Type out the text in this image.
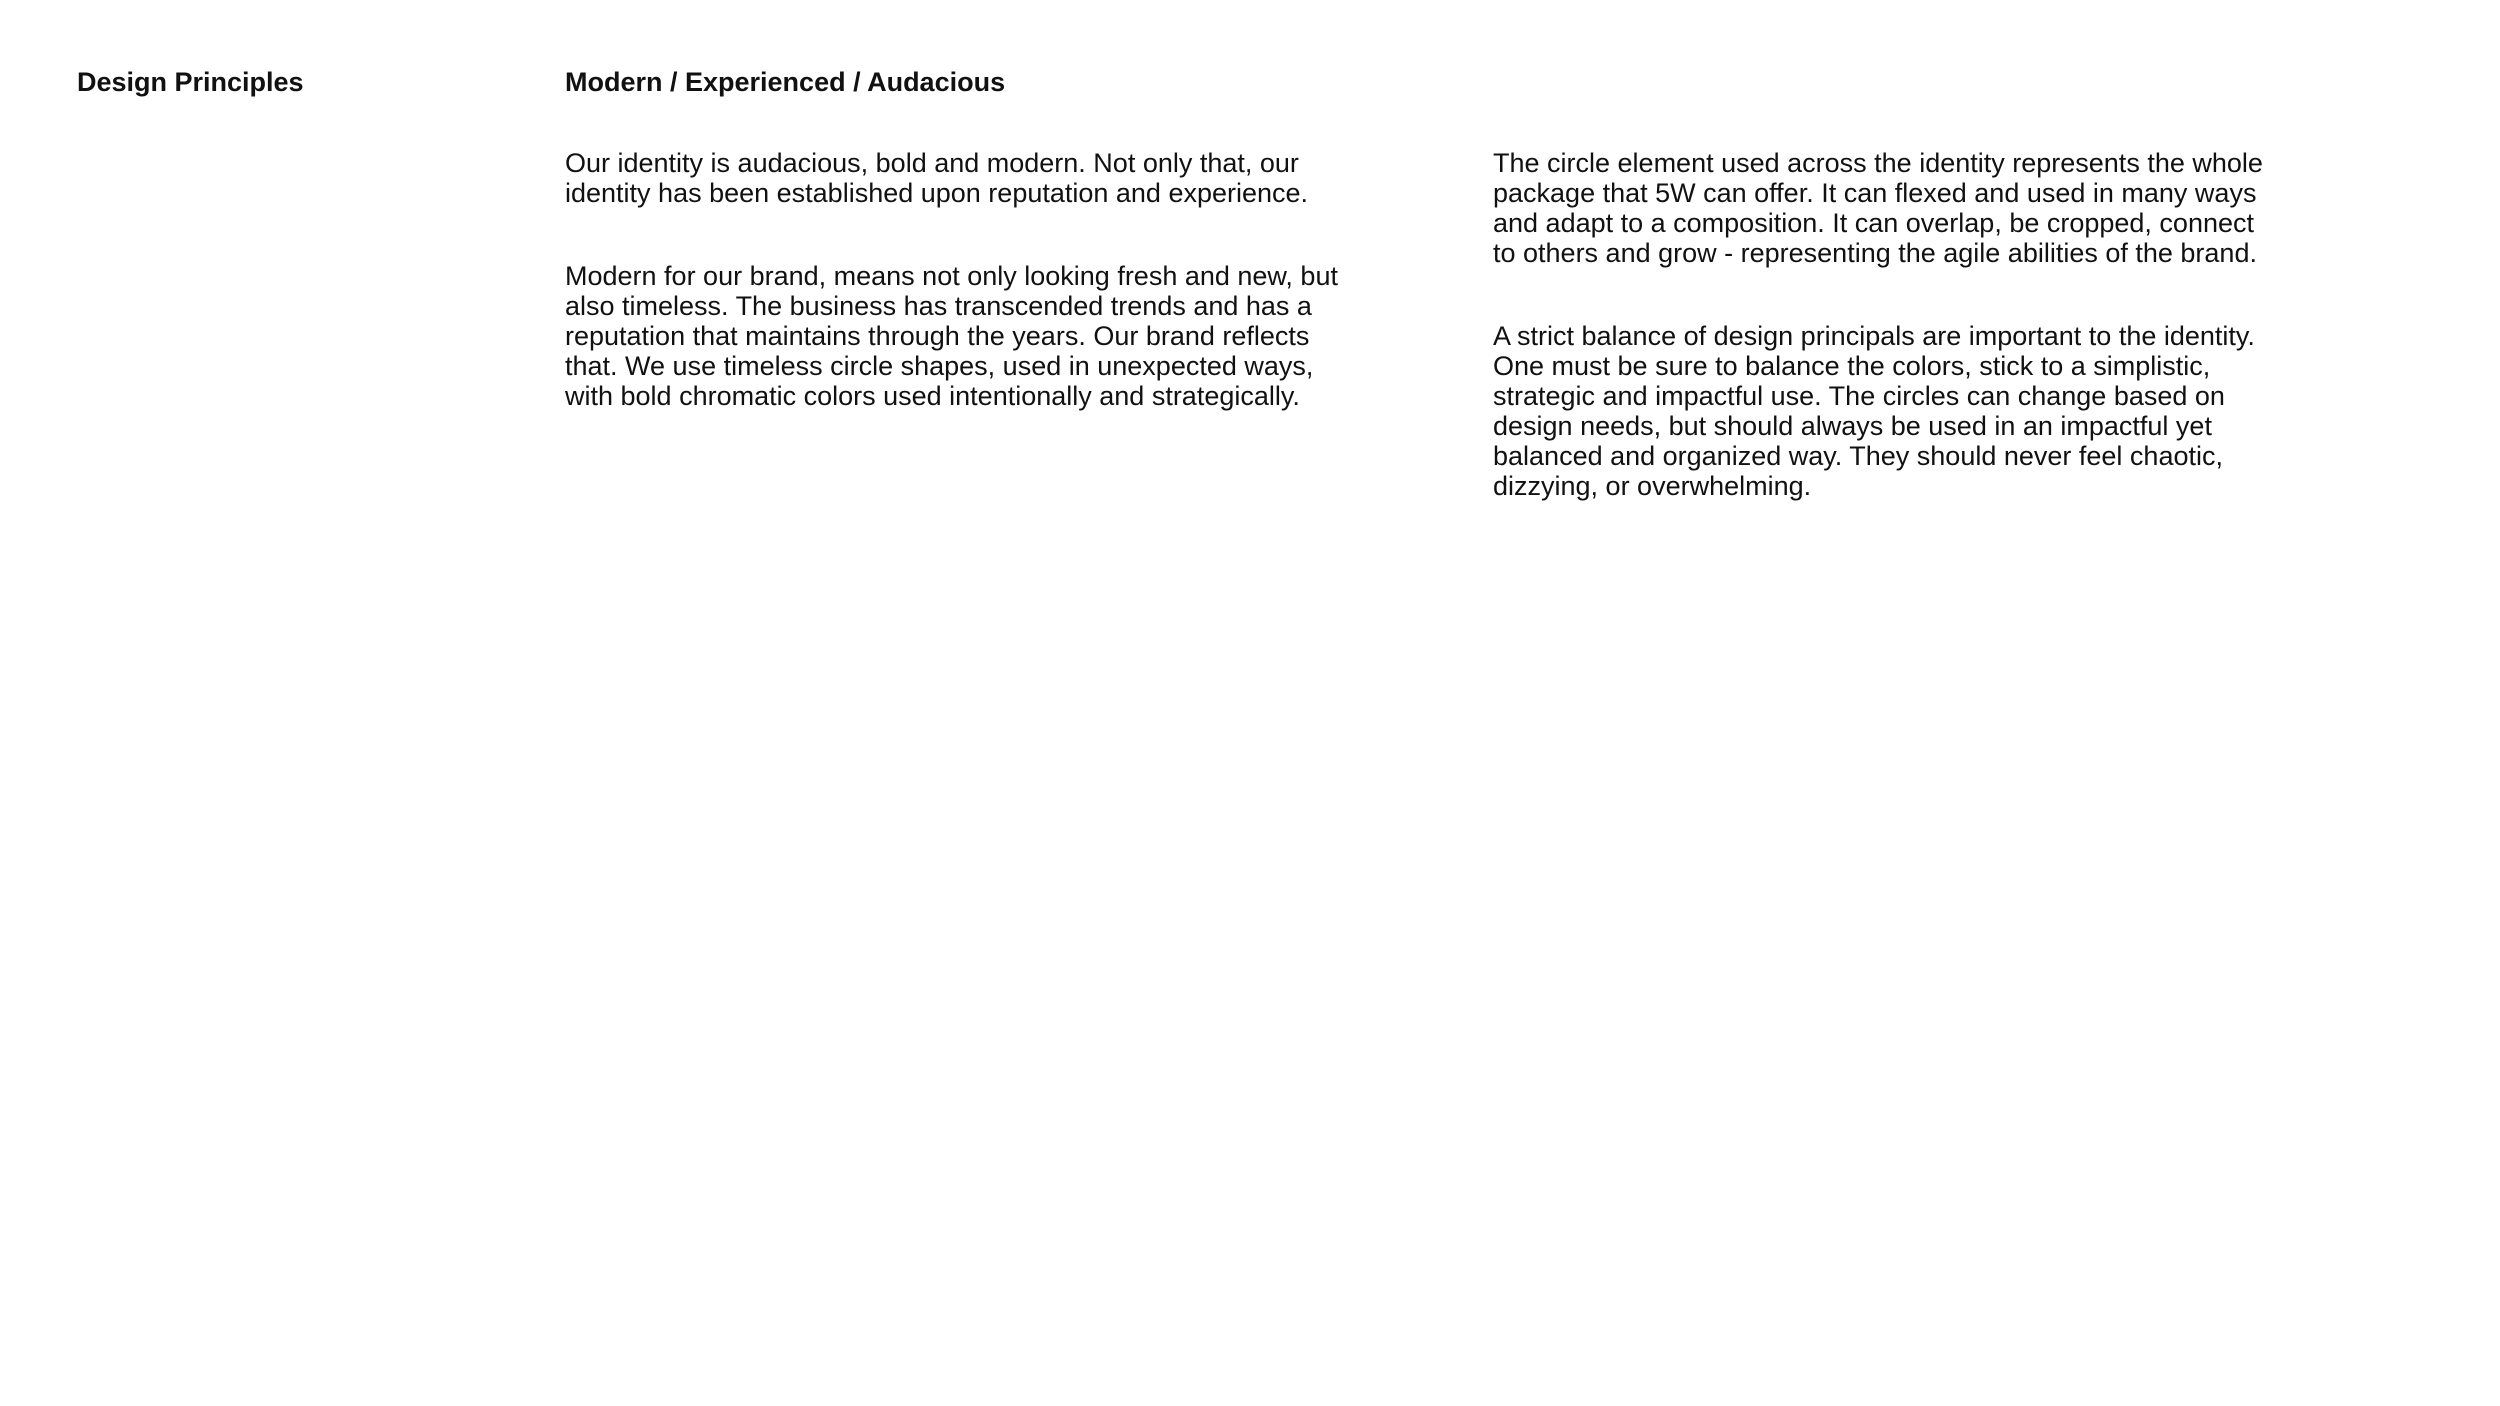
Design Principles	Modern / Experienced / Audacious

Our identity is audacious, bold and modern. Not only that, our
identity has been established upon reputation and experience.

Modern for our brand, means not only looking fresh and new, but
also timeless. The business has transcended trends and has a
reputation that maintains through the years. Our brand reflects
that. We use timeless circle shapes, used in unexpected ways,
with bold chromatic colors used intentionally and strategically.

The circle element used across the identity represents the whole
package that 5W can offer. It can flexed and used in many ways
and adapt to a composition. It can overlap, be cropped, connect
to others and grow - representing the agile abilities of the brand.

A strict balance of design principals are important to the identity.
One must be sure to balance the colors, stick to a simplistic,
strategic and impactful use. The circles can change based on
design needs, but should always be used in an impactful yet
balanced and organized way. They should never feel chaotic,
dizzying, or overwhelming.
